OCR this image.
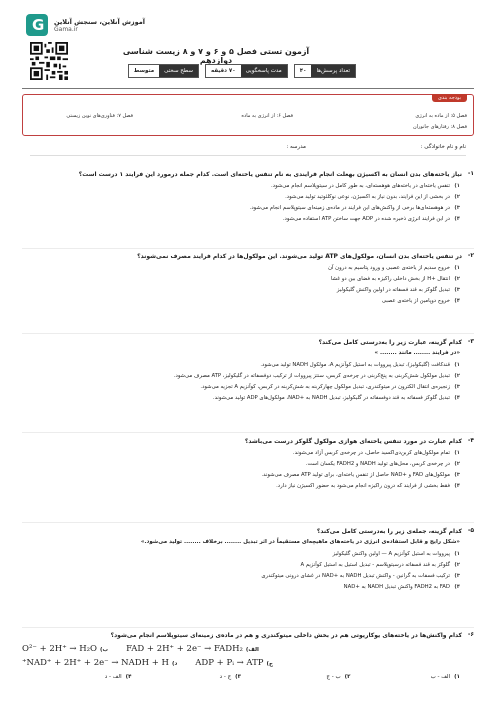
G
آموزش آنلاین، سنجش آنلاین
Gama.ir
آزمون تستی فصل ۵ و ۶ و ۷ و ۸ زیست شناسی دوازدهم
تعداد پرسش‌ها
۴۰
مدت پاسخگویی
۷۰ دقیقه
سطح سختی
متوسط
بودجه بندی
فصل ۵: از ماده به انرژی
فصل ۶: از انرژی به ماده
فصل ۷: فناوری‌های نوین زیستی
فصل ۸: رفتارهای جانوران
نام و نام خانوادگی :
مدرسه :
۱-
نیاز یاخته‌های بدن انسان به اکسیژن بهعلت انجام فرایندی به نام تنفس یاخته‌ای است. کدام جمله درمورد این فرایند ۱ درست است؟
۱)
تنفس یاخته‌ای در یاخته‌های هوهسته‌ای، به طور کامل در سیتوپلاسم انجام می‌شود.
۲)
در بخشی از این فرایند، بدون نیاز به اکسیژن، نوعی نوکلئوتید تولید می‌شود.
۳)
در هوهسته‌ای‌ها برخی از واکنش‌های این فرایند در ماده‌ی زمینه‌ای سیتوپلاسم انجام می‌شود.
۴)
در این فرایند انرژی ذخیره شده در ADP جهت ساختن ATP استفاده می‌شود.
۲-
در تنفس یاخته‌ای بدن انسان، مولکول‌های ATP تولید می‌شوند. این مولکول‌ها در کدام فرایند مصرف نمی‌شوند؟
۱)
خروج سدیم از یاخته‌ی عصبی و ورود پتاسیم به درون آن
۲)
انتقال +H از بخش داخلی راکیزه به فضای بین دو غشا
۳)
تبدیل گلوکز به قند فسفاته در اولین واکنش گلیکولیز
۴)
خروج دوپامین از یاخته‌ی عصبی
۳-
کدام گزینه، عبارت زیر را به‌درستی کامل می‌کند؟
«در فرایند ........ مانند ........ »
۱)
قندکافت (گلیکولیز)، تبدیل پیرووات به استیل کوآنزیم A، مولکول NADH تولید می‌شود.
۲)
تبدیل مولکول شش‌کربنی به پنج‌کربنی در چرخه‌ی کربس، سنتز پیرووات از ترکیب دوفسفاته در گلیکولیز، ATP مصرف می‌شود.
۳)
زنجیره‌ی انتقال الکترون در میتوکندری، تبدیل مولکول چهارکربنه به شش‌کربنه در کربس، کوآنزیم A تجزیه می‌شود.
۴)
تبدیل گلوکز فسفاته به قند دوفسفاته در گلیکولیز، تبدیل NADH به +NAD، مولکول‌های ADP تولید می‌شوند.
۴-
کدام عبارت در مورد تنفس یاخته‌ای هوازی مولکول گلوکز درست می‌باشد؟
۱)
تمام مولکول‌های کربن‌دی‌اکسید حاصل، در چرخه‌ی کربس آزاد می‌شوند.
۲)
در چرخه‌ی کربس، محل‌های تولید NADH و FADH2 یکسان است.
۳)
مولکول‌های FAD و +NAD حاصل از تنفس یاخته‌ای، برای تولید ATP مصرف می‌شوند.
۴)
فقط بخشی از فرایند که درون راکیزه انجام می‌شود به حضور اکسیژن نیاز دارد.
۵-
کدام گزینه، جمله‌ی زیر را به‌درستی کامل می‌کند؟
«شکل رایج و قابل استفاده‌ی انرژی در یاخته‌های ماهیچه‌ای مستقیماً در اثر تبدیل ........ برخلاف ........ تولید می‌شود.»
۱)
پیرووات به استیل کوآنزیم A — اولین واکنش گلیکولیز
۲)
گلوکز به قند فسفاته درسیتوپلاسم - تبدیل استیل به استیل کوآنزیم A
۳)
ترکیب فسفات به گرانین - واکنش تبدیل NADH به +NAD در غشای درونی میتوکندری
۴)
FAD به FADH2 واکنش تبدیل NADH به +NAD
۶-
کدام واکنش‌ها در یاخته‌های یوکاریوتی هم در بخش داخلی میتوکندری و هم در ماده‌ی زمینه‌ای سیتوپلاسم انجام می‌شود؟
الف)FAD + 2H⁺ + 2e⁻ → FADH₂
ب)O²⁻ + 2H⁺ → H₂O
ج)ADP + Pᵢ → ATP
د)NAD⁺ + 2H⁺ + 2e⁻ → NADH + H⁺
۱)الف - ب
۲)ب - ج
۳)ج - د
۴)الف - د
